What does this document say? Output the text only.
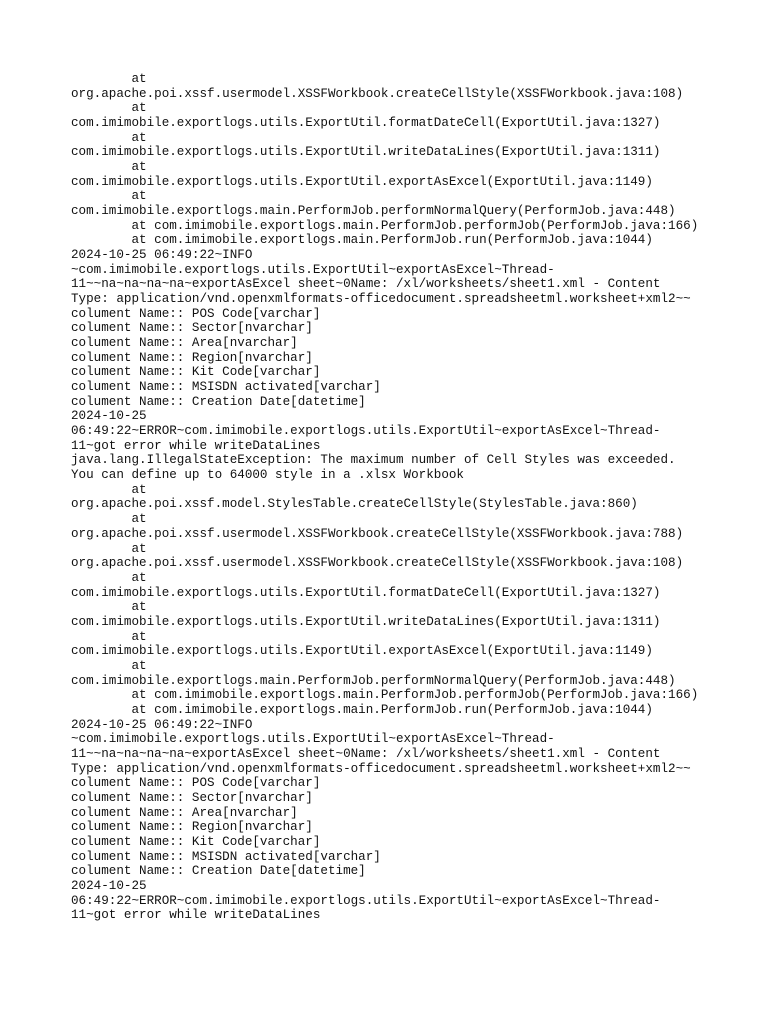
at
org.apache.poi.xssf.usermodel.XSSFWorkbook.createCellStyle(XSSFWorkbook.java:108)
at
com.imimobile.exportlogs.utils.ExportUtil.formatDateCell(ExportUtil.java:1327)
at
com.imimobile.exportlogs.utils.ExportUtil.writeDataLines(ExportUtil.java:1311)
at
com.imimobile.exportlogs.utils.ExportUtil.exportAsExcel(ExportUtil.java:1149)
at
com.imimobile.exportlogs.main.PerformJob.performNormalQuery(PerformJob.java:448)
at com.imimobile.exportlogs.main.PerformJob.performJob(PerformJob.java:166)
at com.imimobile.exportlogs.main.PerformJob.run(PerformJob.java:1044)
2024-10-25 06:49:22~INFO
~com.imimobile.exportlogs.utils.ExportUtil~exportAsExcel~Thread-
11~~na~na~na~na~exportAsExcel sheet~0Name: /xl/worksheets/sheet1.xml - Content
Type: application/vnd.openxmlformats-officedocument.spreadsheetml.worksheet+xml2~~
colument Name:: POS Code[varchar]
colument Name:: Sector[nvarchar]
colument Name:: Area[nvarchar]
colument Name:: Region[nvarchar]
colument Name:: Kit Code[varchar]
colument Name:: MSISDN activated[varchar]
colument Name:: Creation Date[datetime]
2024-10-25
06:49:22~ERROR~com.imimobile.exportlogs.utils.ExportUtil~exportAsExcel~Thread-
11~got error while writeDataLines
java.lang.IllegalStateException: The maximum number of Cell Styles was exceeded.
You can define up to 64000 style in a .xlsx Workbook
at
org.apache.poi.xssf.model.StylesTable.createCellStyle(StylesTable.java:860)
at
org.apache.poi.xssf.usermodel.XSSFWorkbook.createCellStyle(XSSFWorkbook.java:788)
at
org.apache.poi.xssf.usermodel.XSSFWorkbook.createCellStyle(XSSFWorkbook.java:108)
at
com.imimobile.exportlogs.utils.ExportUtil.formatDateCell(ExportUtil.java:1327)
at
com.imimobile.exportlogs.utils.ExportUtil.writeDataLines(ExportUtil.java:1311)
at
com.imimobile.exportlogs.utils.ExportUtil.exportAsExcel(ExportUtil.java:1149)
at
com.imimobile.exportlogs.main.PerformJob.performNormalQuery(PerformJob.java:448)
at com.imimobile.exportlogs.main.PerformJob.performJob(PerformJob.java:166)
at com.imimobile.exportlogs.main.PerformJob.run(PerformJob.java:1044)
2024-10-25 06:49:22~INFO
~com.imimobile.exportlogs.utils.ExportUtil~exportAsExcel~Thread-
11~~na~na~na~na~exportAsExcel sheet~0Name: /xl/worksheets/sheet1.xml - Content
Type: application/vnd.openxmlformats-officedocument.spreadsheetml.worksheet+xml2~~
colument Name:: POS Code[varchar]
colument Name:: Sector[nvarchar]
colument Name:: Area[nvarchar]
colument Name:: Region[nvarchar]
colument Name:: Kit Code[varchar]
colument Name:: MSISDN activated[varchar]
colument Name:: Creation Date[datetime]
2024-10-25
06:49:22~ERROR~com.imimobile.exportlogs.utils.ExportUtil~exportAsExcel~Thread-
11~got error while writeDataLines
